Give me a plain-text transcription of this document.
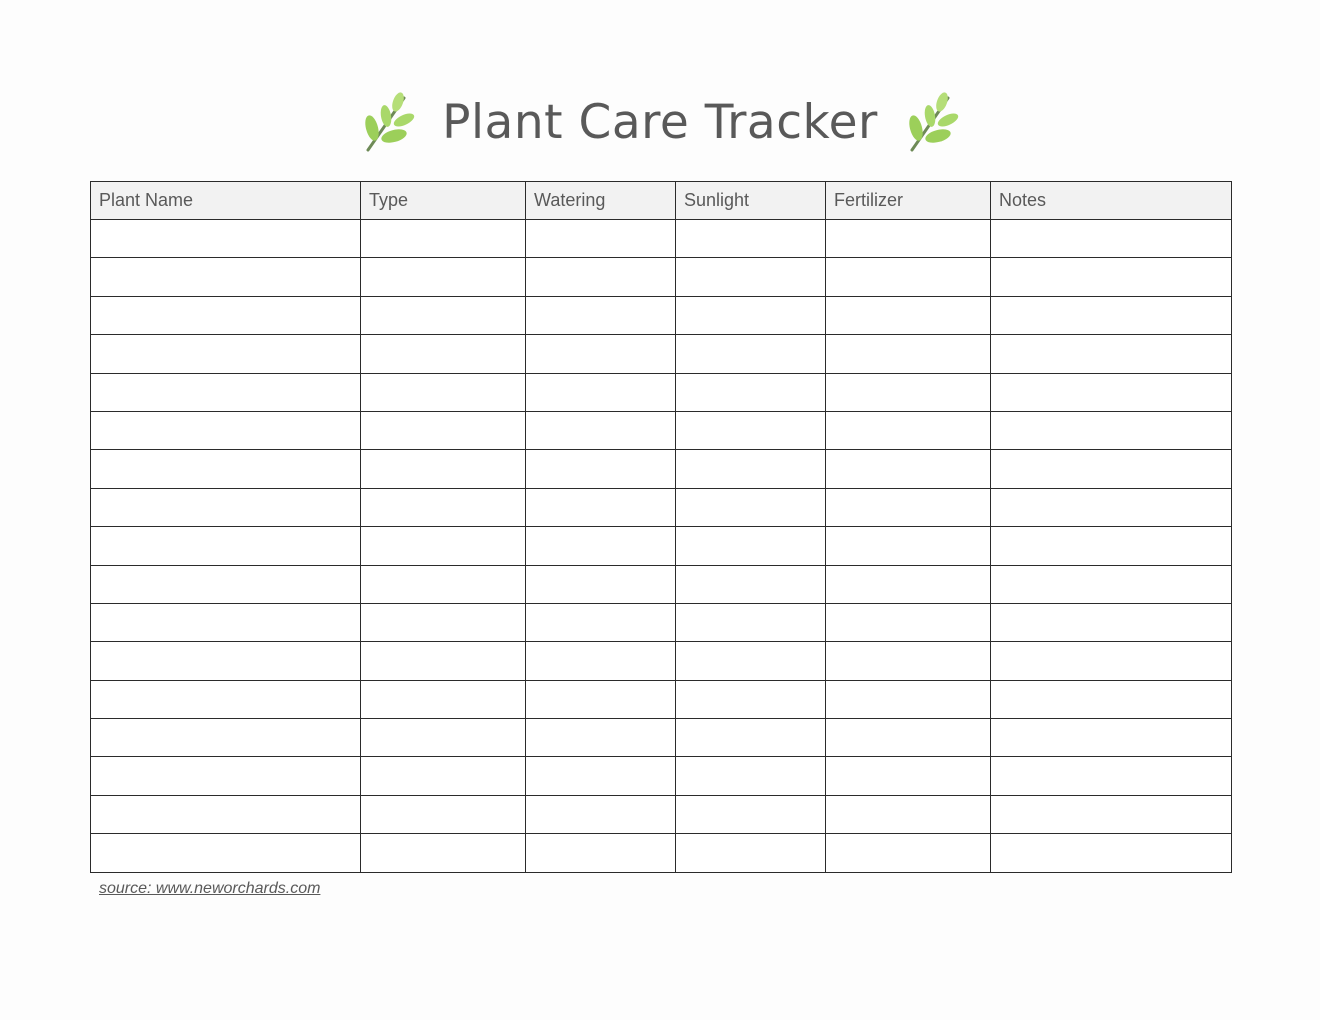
Plant Care Tracker
Plant Name	Type	Watering	Sunlight	Fertilizer	Notes

source: www.neworchards.com
